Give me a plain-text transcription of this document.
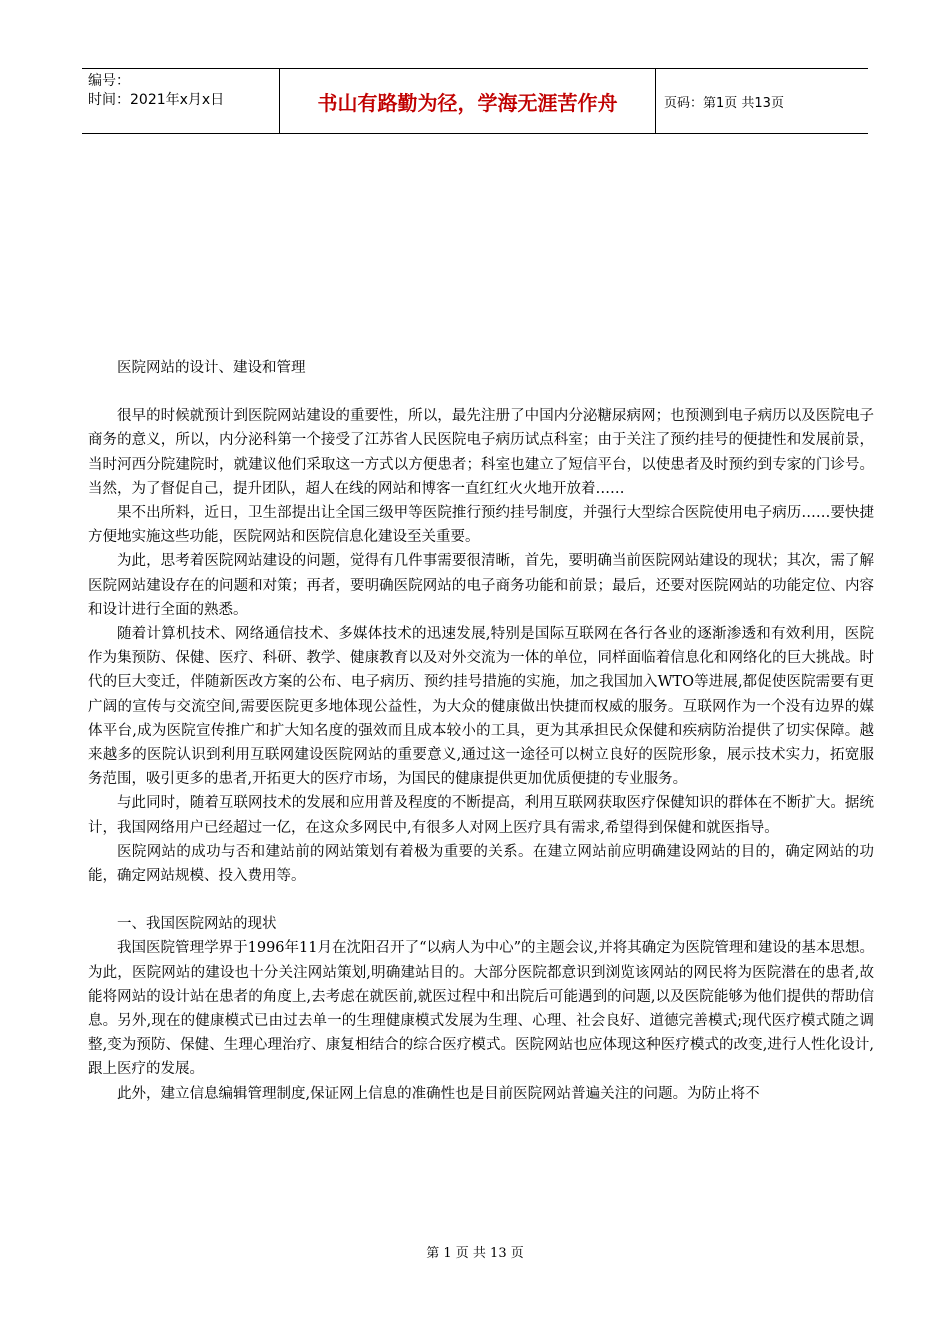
编号：
时间：2021年x月x日	书山有路勤为径，学海无涯苦作舟	页码：第1页 共13页

医院网站的设计、建设和管理

很早的时候就预计到医院网站建设的重要性，所以，最先注册了中国内分泌糖尿病网；也预测到电子病历以及医院电子商务的意义，所以，内分泌科第一个接受了江苏省人民医院电子病历试点科室；由于关注了预约挂号的便捷性和发展前景，当时河西分院建院时，就建议他们采取这一方式以方便患者；科室也建立了短信平台，以使患者及时预约到专家的门诊号。当然，为了督促自己，提升团队，超人在线的网站和博客一直红红火火地开放着……

果不出所料，近日，卫生部提出让全国三级甲等医院推行预约挂号制度，并强行大型综合医院使用电子病历……要快捷方便地实施这些功能，医院网站和医院信息化建设至关重要。

为此，思考着医院网站建设的问题，觉得有几件事需要很清晰，首先，要明确当前医院网站建设的现状；其次，需了解医院网站建设存在的问题和对策；再者，要明确医院网站的电子商务功能和前景；最后，还要对医院网站的功能定位、内容和设计进行全面的熟悉。

随着计算机技术、网络通信技术、多媒体技术的迅速发展,特别是国际互联网在各行各业的逐渐渗透和有效利用，医院作为集预防、保健、医疗、科研、教学、健康教育以及对外交流为一体的单位，同样面临着信息化和网络化的巨大挑战。时代的巨大变迁，伴随新医改方案的公布、电子病历、预约挂号措施的实施，加之我国加入WTO等进展,都促使医院需要有更广阔的宣传与交流空间,需要医院更多地体现公益性，为大众的健康做出快捷而权威的服务。互联网作为一个没有边界的媒体平台,成为医院宣传推广和扩大知名度的强效而且成本较小的工具，更为其承担民众保健和疾病防治提供了切实保障。越来越多的医院认识到利用互联网建设医院网站的重要意义,通过这一途径可以树立良好的医院形象，展示技术实力，拓宽服务范围，吸引更多的患者,开拓更大的医疗市场，为国民的健康提供更加优质便捷的专业服务。

与此同时，随着互联网技术的发展和应用普及程度的不断提高，利用互联网获取医疗保健知识的群体在不断扩大。据统计，我国网络用户已经超过一亿，在这众多网民中,有很多人对网上医疗具有需求,希望得到保健和就医指导。

医院网站的成功与否和建站前的网站策划有着极为重要的关系。在建立网站前应明确建设网站的目的，确定网站的功能，确定网站规模、投入费用等。

一、我国医院网站的现状

我国医院管理学界于1996年11月在沈阳召开了“以病人为中心”的主题会议,并将其确定为医院管理和建设的基本思想。为此，医院网站的建设也十分关注网站策划,明确建站目的。大部分医院都意识到浏览该网站的网民将为医院潜在的患者,故能将网站的设计站在患者的角度上,去考虑在就医前,就医过程中和出院后可能遇到的问题,以及医院能够为他们提供的帮助信息。另外,现在的健康模式已由过去单一的生理健康模式发展为生理、心理、社会良好、道德完善模式;现代医疗模式随之调整,变为预防、保健、生理心理治疗、康复相结合的综合医疗模式。医院网站也应体现这种医疗模式的改变,进行人性化设计,跟上医疗的发展。

此外，建立信息编辑管理制度,保证网上信息的准确性也是目前医院网站普遍关注的问题。为防止将不

第 1 页 共 13 页
